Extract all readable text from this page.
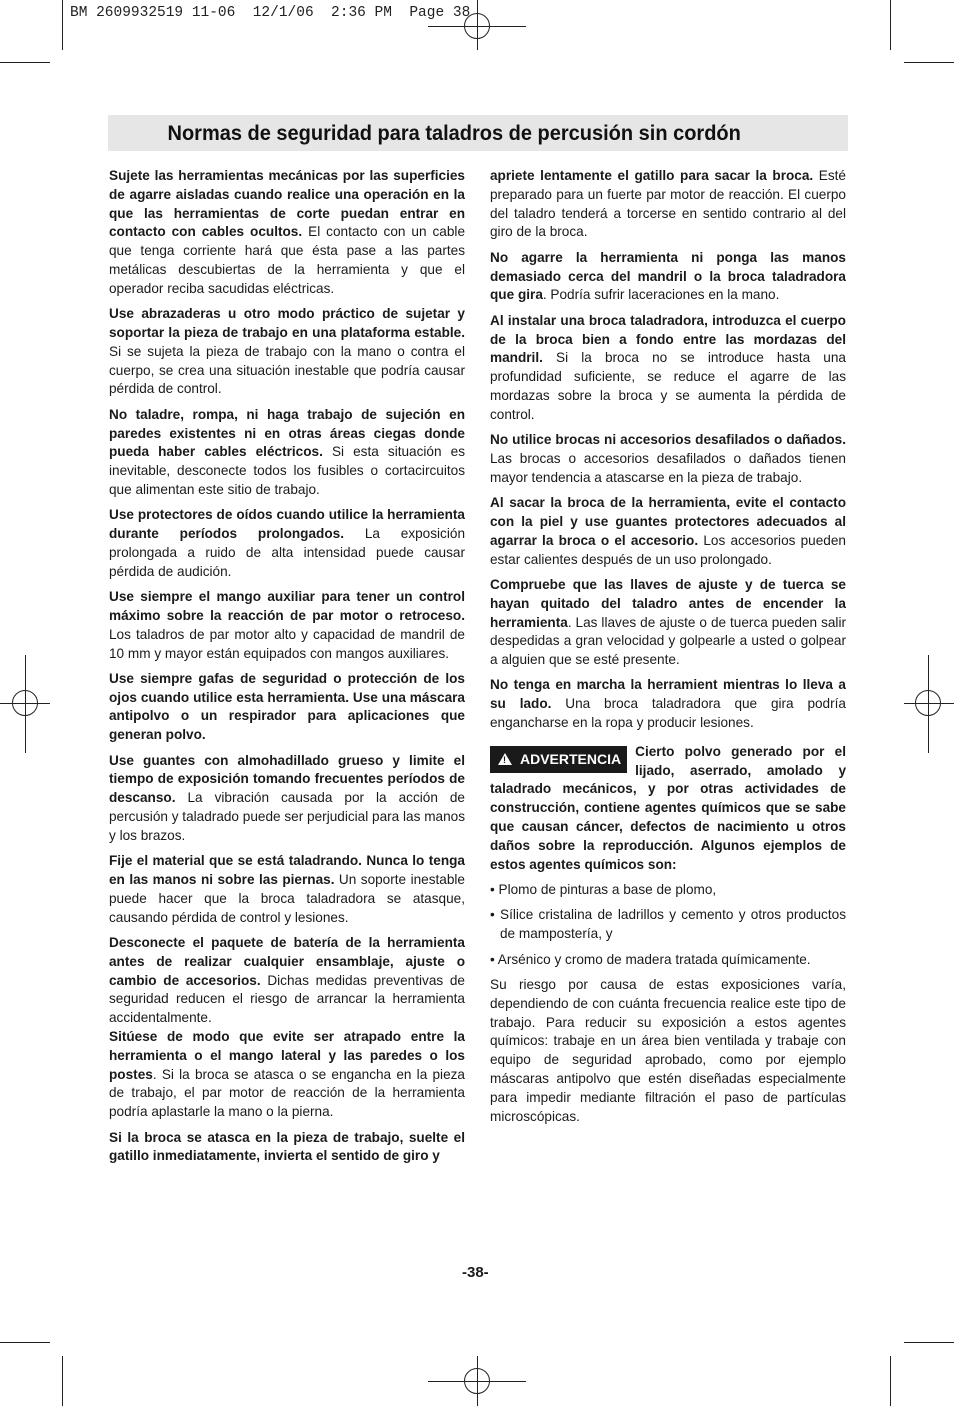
BM 2609932519 11-06  12/1/06  2:36 PM  Page 38
Normas de seguridad para taladros de percusión sin cordón

Sujete las herramientas mecánicas por las superficies de agarre aisladas cuando realice una operación en la que las herramientas de corte puedan entrar en contacto con cables ocultos. El contacto con un cable que tenga corriente hará que ésta pase a las partes metálicas descubiertas de la herramienta y que el operador reciba sacudidas eléctricas.

Use abrazaderas u otro modo práctico de sujetar y soportar la pieza de trabajo en una plataforma estable. Si se sujeta la pieza de trabajo con la mano o contra el cuerpo, se crea una situación inestable que podría causar pérdida de control.

No taladre, rompa, ni haga trabajo de sujeción en paredes existentes ni en otras áreas ciegas donde pueda haber cables eléctricos. Si esta situación es inevitable, desconecte todos los fusibles o cortacircuitos que alimentan este sitio de trabajo.

Use protectores de oídos cuando utilice la herramienta durante períodos prolongados. La exposición prolongada a ruido de alta intensidad puede causar pérdida de audición.

Use siempre el mango auxiliar para tener un control máximo sobre la reacción de par motor o retroceso. Los taladros de par motor alto y capacidad de mandril de 10 mm y mayor están equipados con mangos auxiliares.

Use siempre gafas de seguridad o protección de los ojos cuando utilice esta herramienta. Use una máscara antipolvo o un respirador para aplicaciones que generan polvo.

Use guantes con almohadillado grueso y limite el tiempo de exposición tomando frecuentes períodos de descanso. La vibración causada por la acción de percusión y taladrado puede ser perjudicial para las manos y los brazos.

Fije el material que se está taladrando. Nunca lo tenga en las manos ni sobre las piernas. Un soporte inestable puede hacer que la broca taladradora se atasque, causando pérdida de control y lesiones.

Desconecte el paquete de batería de la herramienta antes de realizar cualquier ensamblaje, ajuste o cambio de accesorios. Dichas medidas preventivas de seguridad reducen el riesgo de arrancar la herramienta accidentalmente.

Sitúese de modo que evite ser atrapado entre la herramienta o el mango lateral y las paredes o los postes. Si la broca se atasca o se engancha en la pieza de trabajo, el par motor de reacción de la herramienta podría aplastarle la mano o la pierna.

Si la broca se atasca en la pieza de trabajo, suelte el gatillo inmediatamente, invierta el sentido de giro y

apriete lentamente el gatillo para sacar la broca. Esté preparado para un fuerte par motor de reacción. El cuerpo del taladro tenderá a torcerse en sentido contrario al del giro de la broca.

No agarre la herramienta ni ponga las manos demasiado cerca del mandril o la broca taladradora que gira. Podría sufrir laceraciones en la mano.

Al instalar una broca taladradora, introduzca el cuerpo de la broca bien a fondo entre las mordazas del mandril. Si la broca no se introduce hasta una profundidad suficiente, se reduce el agarre de las mordazas sobre la broca y se aumenta la pérdida de control.

No utilice brocas ni accesorios desafilados o dañados. Las brocas o accesorios desafilados o dañados tienen mayor tendencia a atascarse en la pieza de trabajo.

Al sacar la broca de la herramienta, evite el contacto con la piel y use guantes protectores adecuados al agarrar la broca o el accesorio. Los accesorios pueden estar calientes después de un uso prolongado.

Compruebe que las llaves de ajuste y de tuerca se hayan quitado del taladro antes de encender la herramienta. Las llaves de ajuste o de tuerca pueden salir despedidas a gran velocidad y golpearle a usted o golpear a alguien que se esté presente.

No tenga en marcha la herramient mientras lo lleva a su lado. Una broca taladradora que gira podría engancharse en la ropa y producir lesiones.

! ADVERTENCIA Cierto polvo generado por el lijado, aserrado, amolado y taladrado mecánicos, y por otras actividades de construcción, contiene agentes químicos que se sabe que causan cáncer, defectos de nacimiento u otros daños sobre la reproducción. Algunos ejemplos de estos agentes químicos son:

• Plomo de pinturas a base de plomo,

• Sílice cristalina de ladrillos y cemento y otros productos de mampostería, y

• Arsénico y cromo de madera tratada químicamente.

Su riesgo por causa de estas exposiciones varía, dependiendo de con cuánta frecuencia realice este tipo de trabajo. Para reducir su exposición a estos agentes químicos: trabaje en un área bien ventilada y trabaje con equipo de seguridad aprobado, como por ejemplo máscaras antipolvo que estén diseñadas especialmente para impedir mediante filtración el paso de partículas microscópicas.

-38-
